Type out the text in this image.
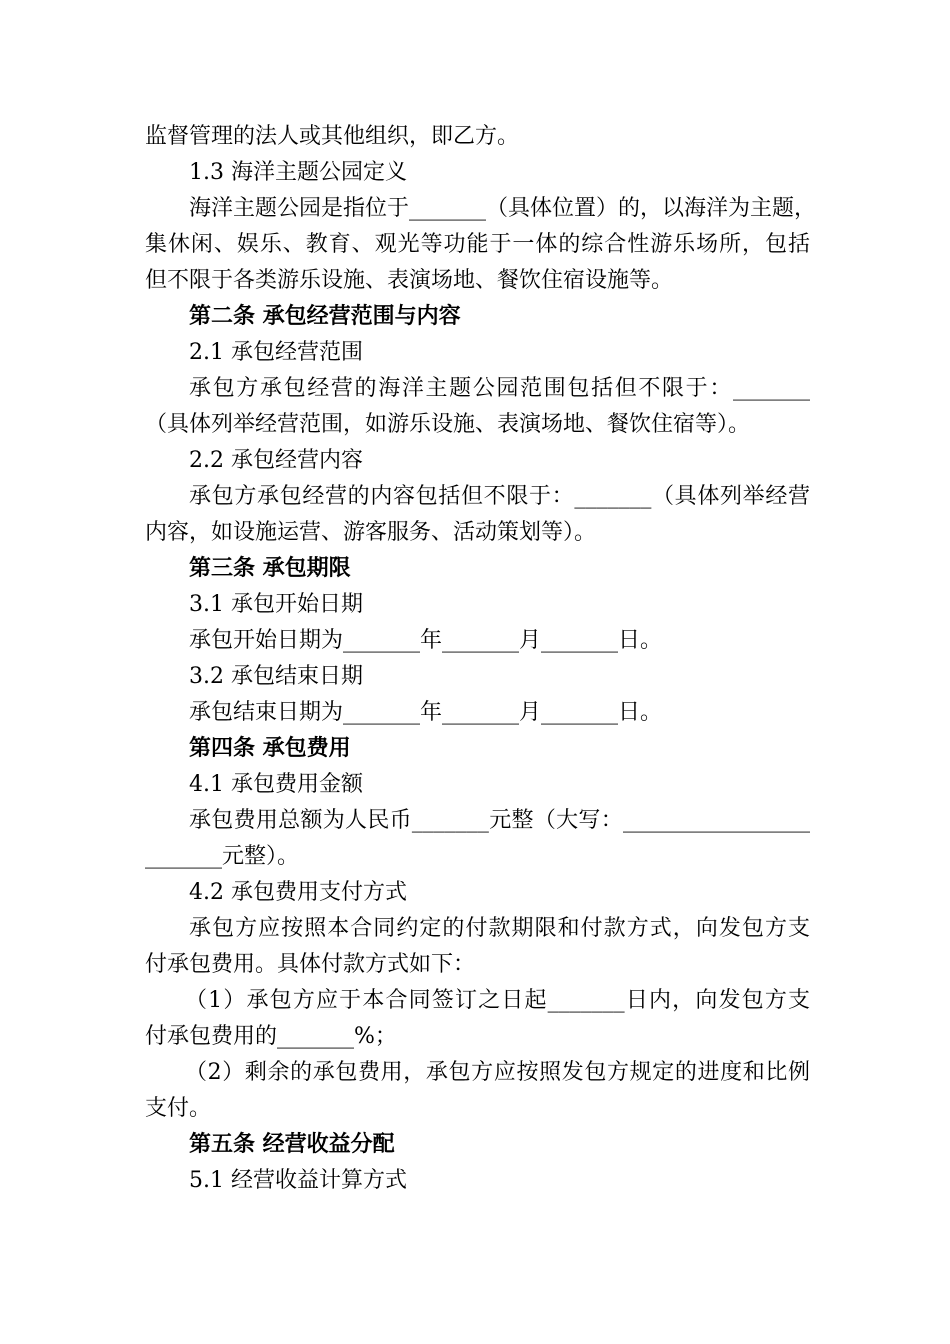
监督管理的法人或其他组织，即乙方。
1.3 海洋主题公园定义
海洋主题公园是指位于_______（具体位置）的，以海洋为主题，
集休闲、娱乐、教育、观光等功能于一体的综合性游乐场所，包括
但不限于各类游乐设施、表演场地、餐饮住宿设施等。
第二条 承包经营范围与内容
2.1 承包经营范围
承包方承包经营的海洋主题公园范围包括但不限于：_______
（具体列举经营范围，如游乐设施、表演场地、餐饮住宿等）。
2.2 承包经营内容
承包方承包经营的内容包括但不限于：_______（具体列举经营
内容，如设施运营、游客服务、活动策划等）。
第三条 承包期限
3.1 承包开始日期
承包开始日期为_______年_______月_______日。
3.2 承包结束日期
承包结束日期为_______年_______月_______日。
第四条 承包费用
4.1 承包费用金额
承包费用总额为人民币_______元整（大写：_________________
_______元整）。
4.2 承包费用支付方式
承包方应按照本合同约定的付款期限和付款方式，向发包方支
付承包费用。具体付款方式如下：
（1）承包方应于本合同签订之日起_______日内，向发包方支
付承包费用的_______%；
（2）剩余的承包费用，承包方应按照发包方规定的进度和比例
支付。
第五条 经营收益分配
5.1 经营收益计算方式
